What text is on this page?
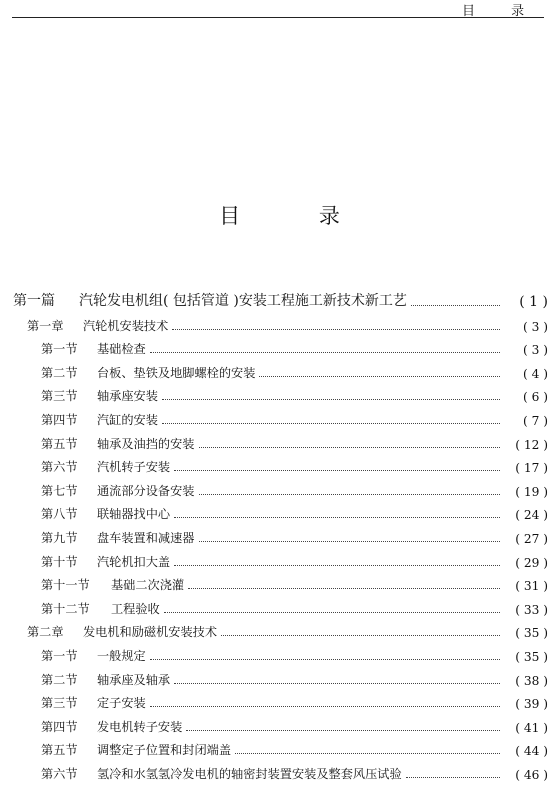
目 录
目 录
第一篇	汽轮发电机组( 包括管道 )安装工程施工新技术新工艺	( 1 )
第一章	汽轮机安装技术	( 3 )
第一节	基础检查	( 3 )
第二节	台板、垫铁及地脚螺栓的安装	( 4 )
第三节	轴承座安装	( 6 )
第四节	汽缸的安装	( 7 )
第五节	轴承及油挡的安装	( 12 )
第六节	汽机转子安装	( 17 )
第七节	通流部分设备安装	( 19 )
第八节	联轴器找中心	( 24 )
第九节	盘车装置和减速器	( 27 )
第十节	汽轮机扣大盖	( 29 )
第十一节	基础二次浇灌	( 31 )
第十二节	工程验收	( 33 )
第二章	发电机和励磁机安装技术	( 35 )
第一节	一般规定	( 35 )
第二节	轴承座及轴承	( 38 )
第三节	定子安装	( 39 )
第四节	发电机转子安装	( 41 )
第五节	调整定子位置和封闭端盖	( 44 )
第六节	氢冷和水氢氢冷发电机的轴密封装置安装及整套风压试验	( 46 )
